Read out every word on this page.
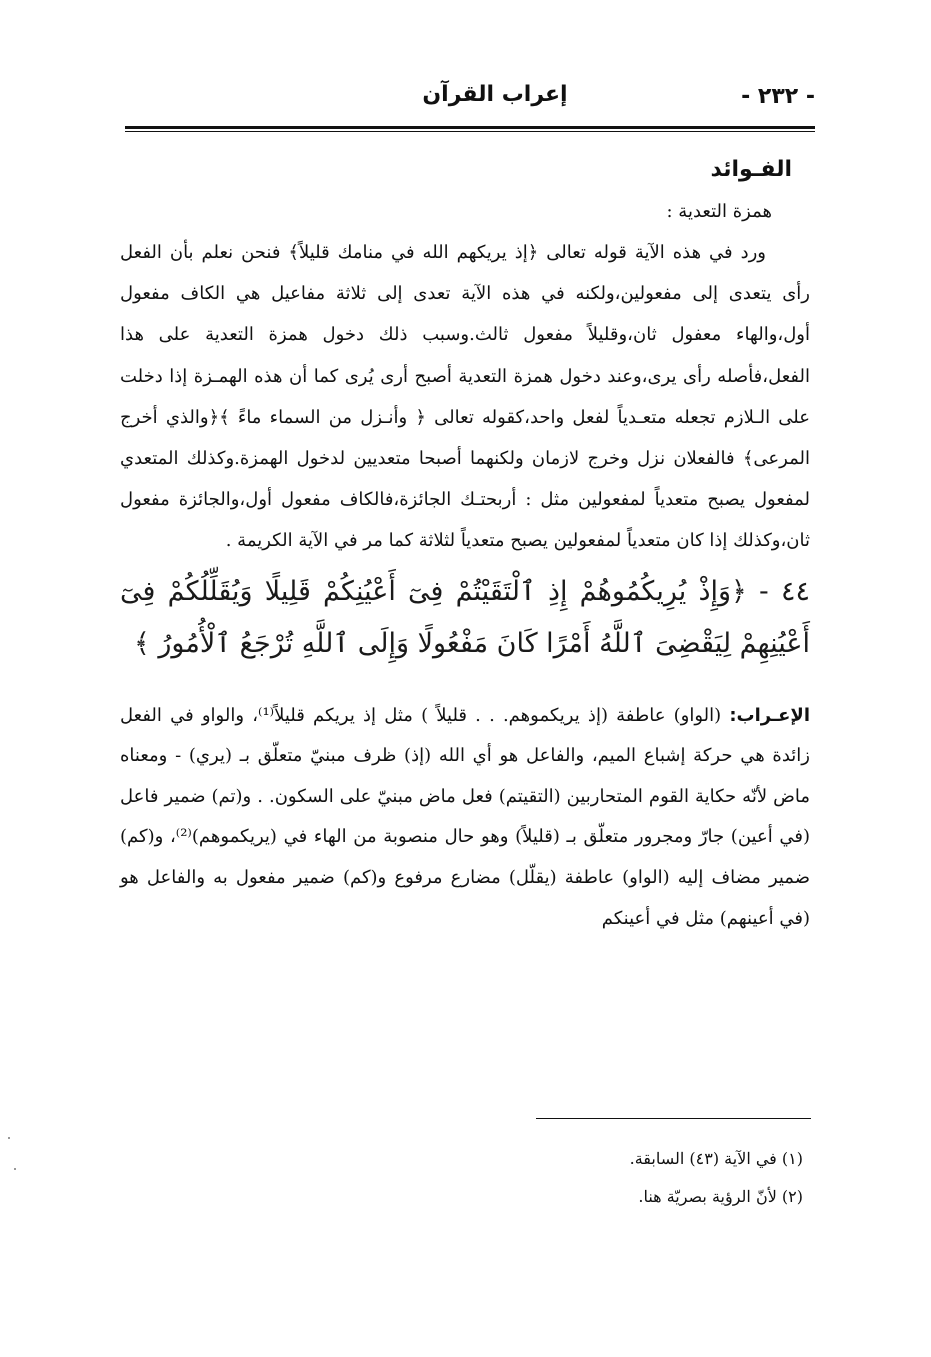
- ٢٣٢ -
إعراب القرآن
الفـوائد
همزة التعدية :

ورد في هذه الآية قوله تعالى ﴿إذ يريكهم الله في منامك قليلاً﴾ فنحن نعلم بأن الفعل رأى يتعدى إلى مفعولين،ولكنه في هذه الآية تعدى إلى ثلاثة مفاعيل هي الكاف مفعول أول،والهاء معفول ثان،وقليلاً مفعول ثالث.وسبب ذلك دخول همزة التعدية على هذا الفعل،فأصله رأى يرى،وعند دخول همزة التعدية أصبح أرى يُرى كما أن هذه الهمـزة إذا دخلت على الـلازم تجعله متعـدياً لفعل واحد،كقوله تعالى ﴿ وأنـزل من السماء ماءً ﴾﴿والذي أخرج المرعى﴾ فالفعلان نزل وخرج لازمان ولكنهما أصبحا متعديين لدخول الهمزة.وكذلك المتعدي لمفعول يصبح متعدياً لمفعولين مثل : أربحتـك الجائزة،فالكاف مفعول أول،والجائزة مفعول ثان،وكذلك إذا كان متعدياً لمفعولين يصبح متعدياً لثلاثة كما مر في الآية الكريمة .

٤٤ - ﴿وَإِذْ يُرِيكُمُوهُمْ إِذِ ٱلْتَقَيْتُمْ فِىٓ أَعْيُنِكُمْ قَلِيلًا وَيُقَلِّلُكُمْ فِىٓ أَعْيُنِهِمْ لِيَقْضِىَ ٱللَّهُ أَمْرًا كَانَ مَفْعُولًا وَإِلَى ٱللَّهِ تُرْجَعُ ٱلْأُمُورُ ﴾
الإعـراب: (الواو) عاطفة (إذ يريكموهم. . . قليلاً ) مثل إذ يريكم قليلاً⁽¹⁾، والواو في الفعل زائدة هي حركة إشباع الميم، والفاعل هو أي الله (إذ) ظرف مبنيّ متعلّق بـ (يري) - ومعناه ماض لأنّه حكاية القوم المتحاربين (التقيتم) فعل ماض مبنيّ على السكون. . و(تم) ضمير فاعل (في أعين) جارّ ومجرور متعلّق بـ (قليلاً) وهو حال منصوبة من الهاء في (يريكموهم)⁽²⁾، و(كم) ضمير مضاف إليه (الواو) عاطفة (يقلّل) مضارع مرفوع و(كم) ضمير مفعول به والفاعل هو (في أعينهم) مثل في أعينكم
(١) في الآية (٤٣) السابقة.
(٢) لأنّ الرؤية بصريّة هنا.
